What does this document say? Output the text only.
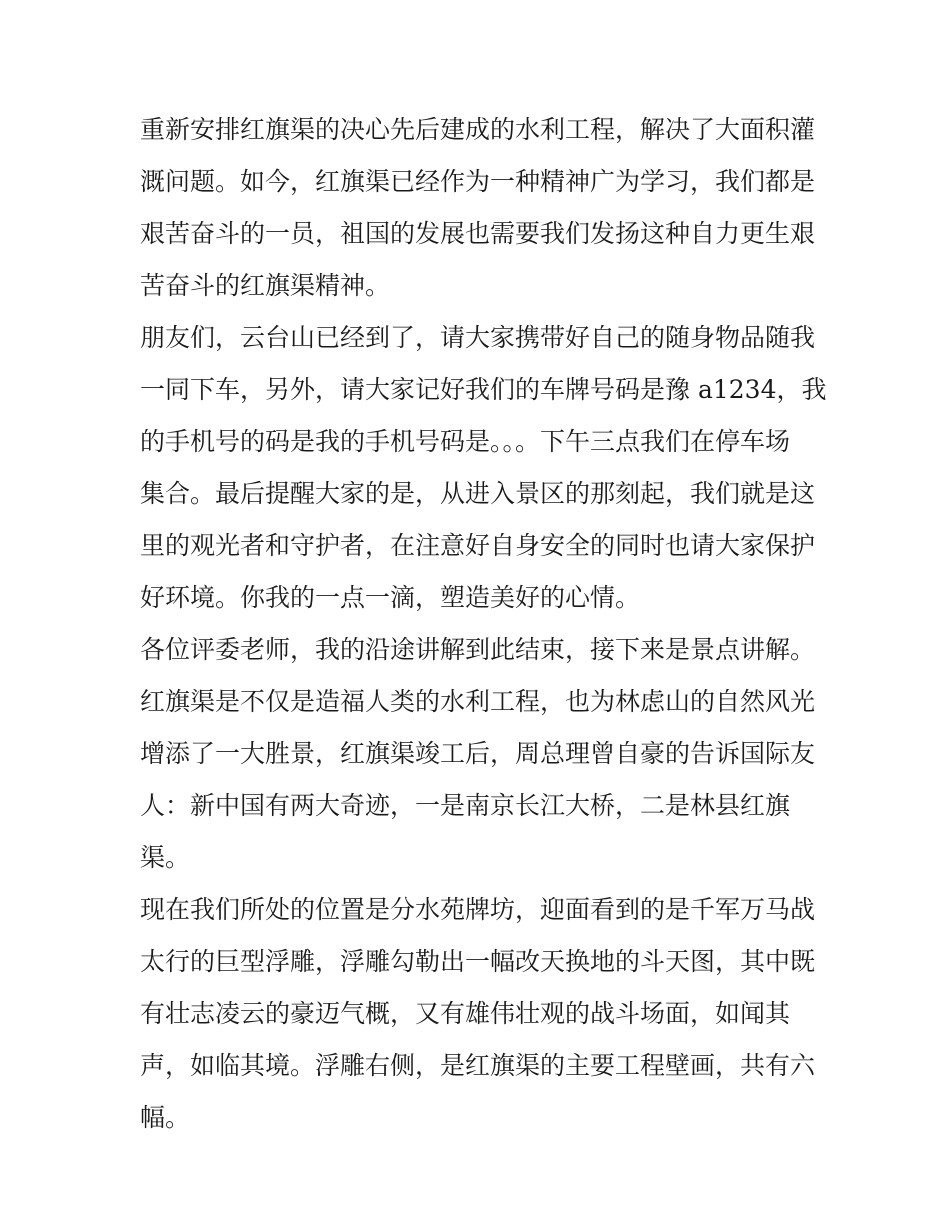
重新安排红旗渠的决心先后建成的水利工程，解决了大面积灌
溉问题。如今，红旗渠已经作为一种精神广为学习，我们都是
艰苦奋斗的一员，祖国的发展也需要我们发扬这种自力更生艰
苦奋斗的红旗渠精神。
朋友们，云台山已经到了，请大家携带好自己的随身物品随我
一同下车，另外，请大家记好我们的车牌号码是豫 a1234，我
的手机号的码是我的手机号码是。。。下午三点我们在停车场
集合。最后提醒大家的是，从进入景区的那刻起，我们就是这
里的观光者和守护者，在注意好自身安全的同时也请大家保护
好环境。你我的一点一滴，塑造美好的心情。
各位评委老师，我的沿途讲解到此结束，接下来是景点讲解。
红旗渠是不仅是造福人类的水利工程，也为林虑山的自然风光
增添了一大胜景，红旗渠竣工后，周总理曾自豪的告诉国际友
人：新中国有两大奇迹，一是南京长江大桥，二是林县红旗
渠。
现在我们所处的位置是分水苑牌坊，迎面看到的是千军万马战
太行的巨型浮雕，浮雕勾勒出一幅改天换地的斗天图，其中既
有壮志凌云的豪迈气概，又有雄伟壮观的战斗场面，如闻其
声，如临其境。浮雕右侧，是红旗渠的主要工程壁画，共有六
幅。
